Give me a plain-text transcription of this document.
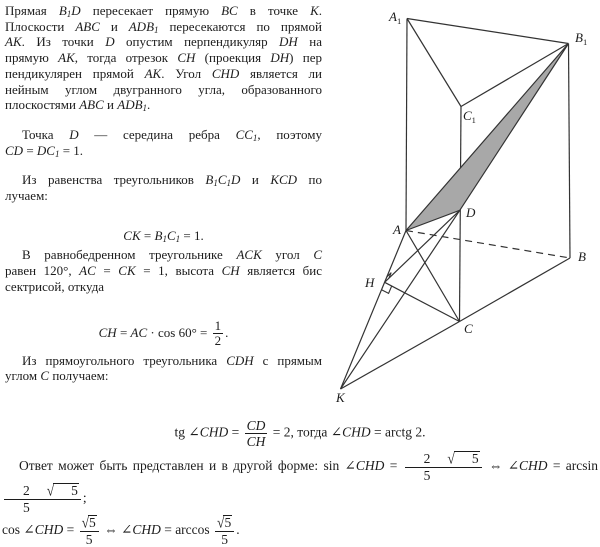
Прямая $B_1D$ пересекает прямую BC в точке K.
Плоскости ABC и $ADB_1$ пересекаются по прямой
AK. Из точки D опустим перпендикуляр DH на
прямую AK, тогда отрезок CH (проекция DH) пер
пендикулярен прямой AK. Угол CHD является ли
нейным углом двугранного угла, образованного
плоскостями ABC и $ADB_1$.
Точка D — середина ребра $CC_1$, поэтому
CD = $DC_1 = 1$.
Из равенства треугольников $B_1C_1D$ и KCD по
лучаем:
CK = $B_1C_1 = 1$.
В равнобедренном треугольнике ACK угол C
равен 120°, AC = CK = 1, высота CH является бис
сектрисой, откуда
CH = AC · $\cos 60^\circ = \frac{1}{2}$ .
Из прямоугольного треугольника CDH с прямым
углом C получаем:
$A_1$
$B_1$
$C_1$
A
D
B
H
C
K
tg ∠CHD = $\frac{CD}{CH} = 2$, тогда ∠CHD = arctg 2.
Ответ может быть представлен и в другой форме: sin ∠CHD = $\frac{2 √ 5}{5}$ ⇔ ∠CHD = arcsin
$\frac{2 √ 5}{5}$ ;
cos ∠CHD = $\frac{√5}{5}$ ⇔ ∠CHD = $\arccos \frac{√5}{5}$ .
